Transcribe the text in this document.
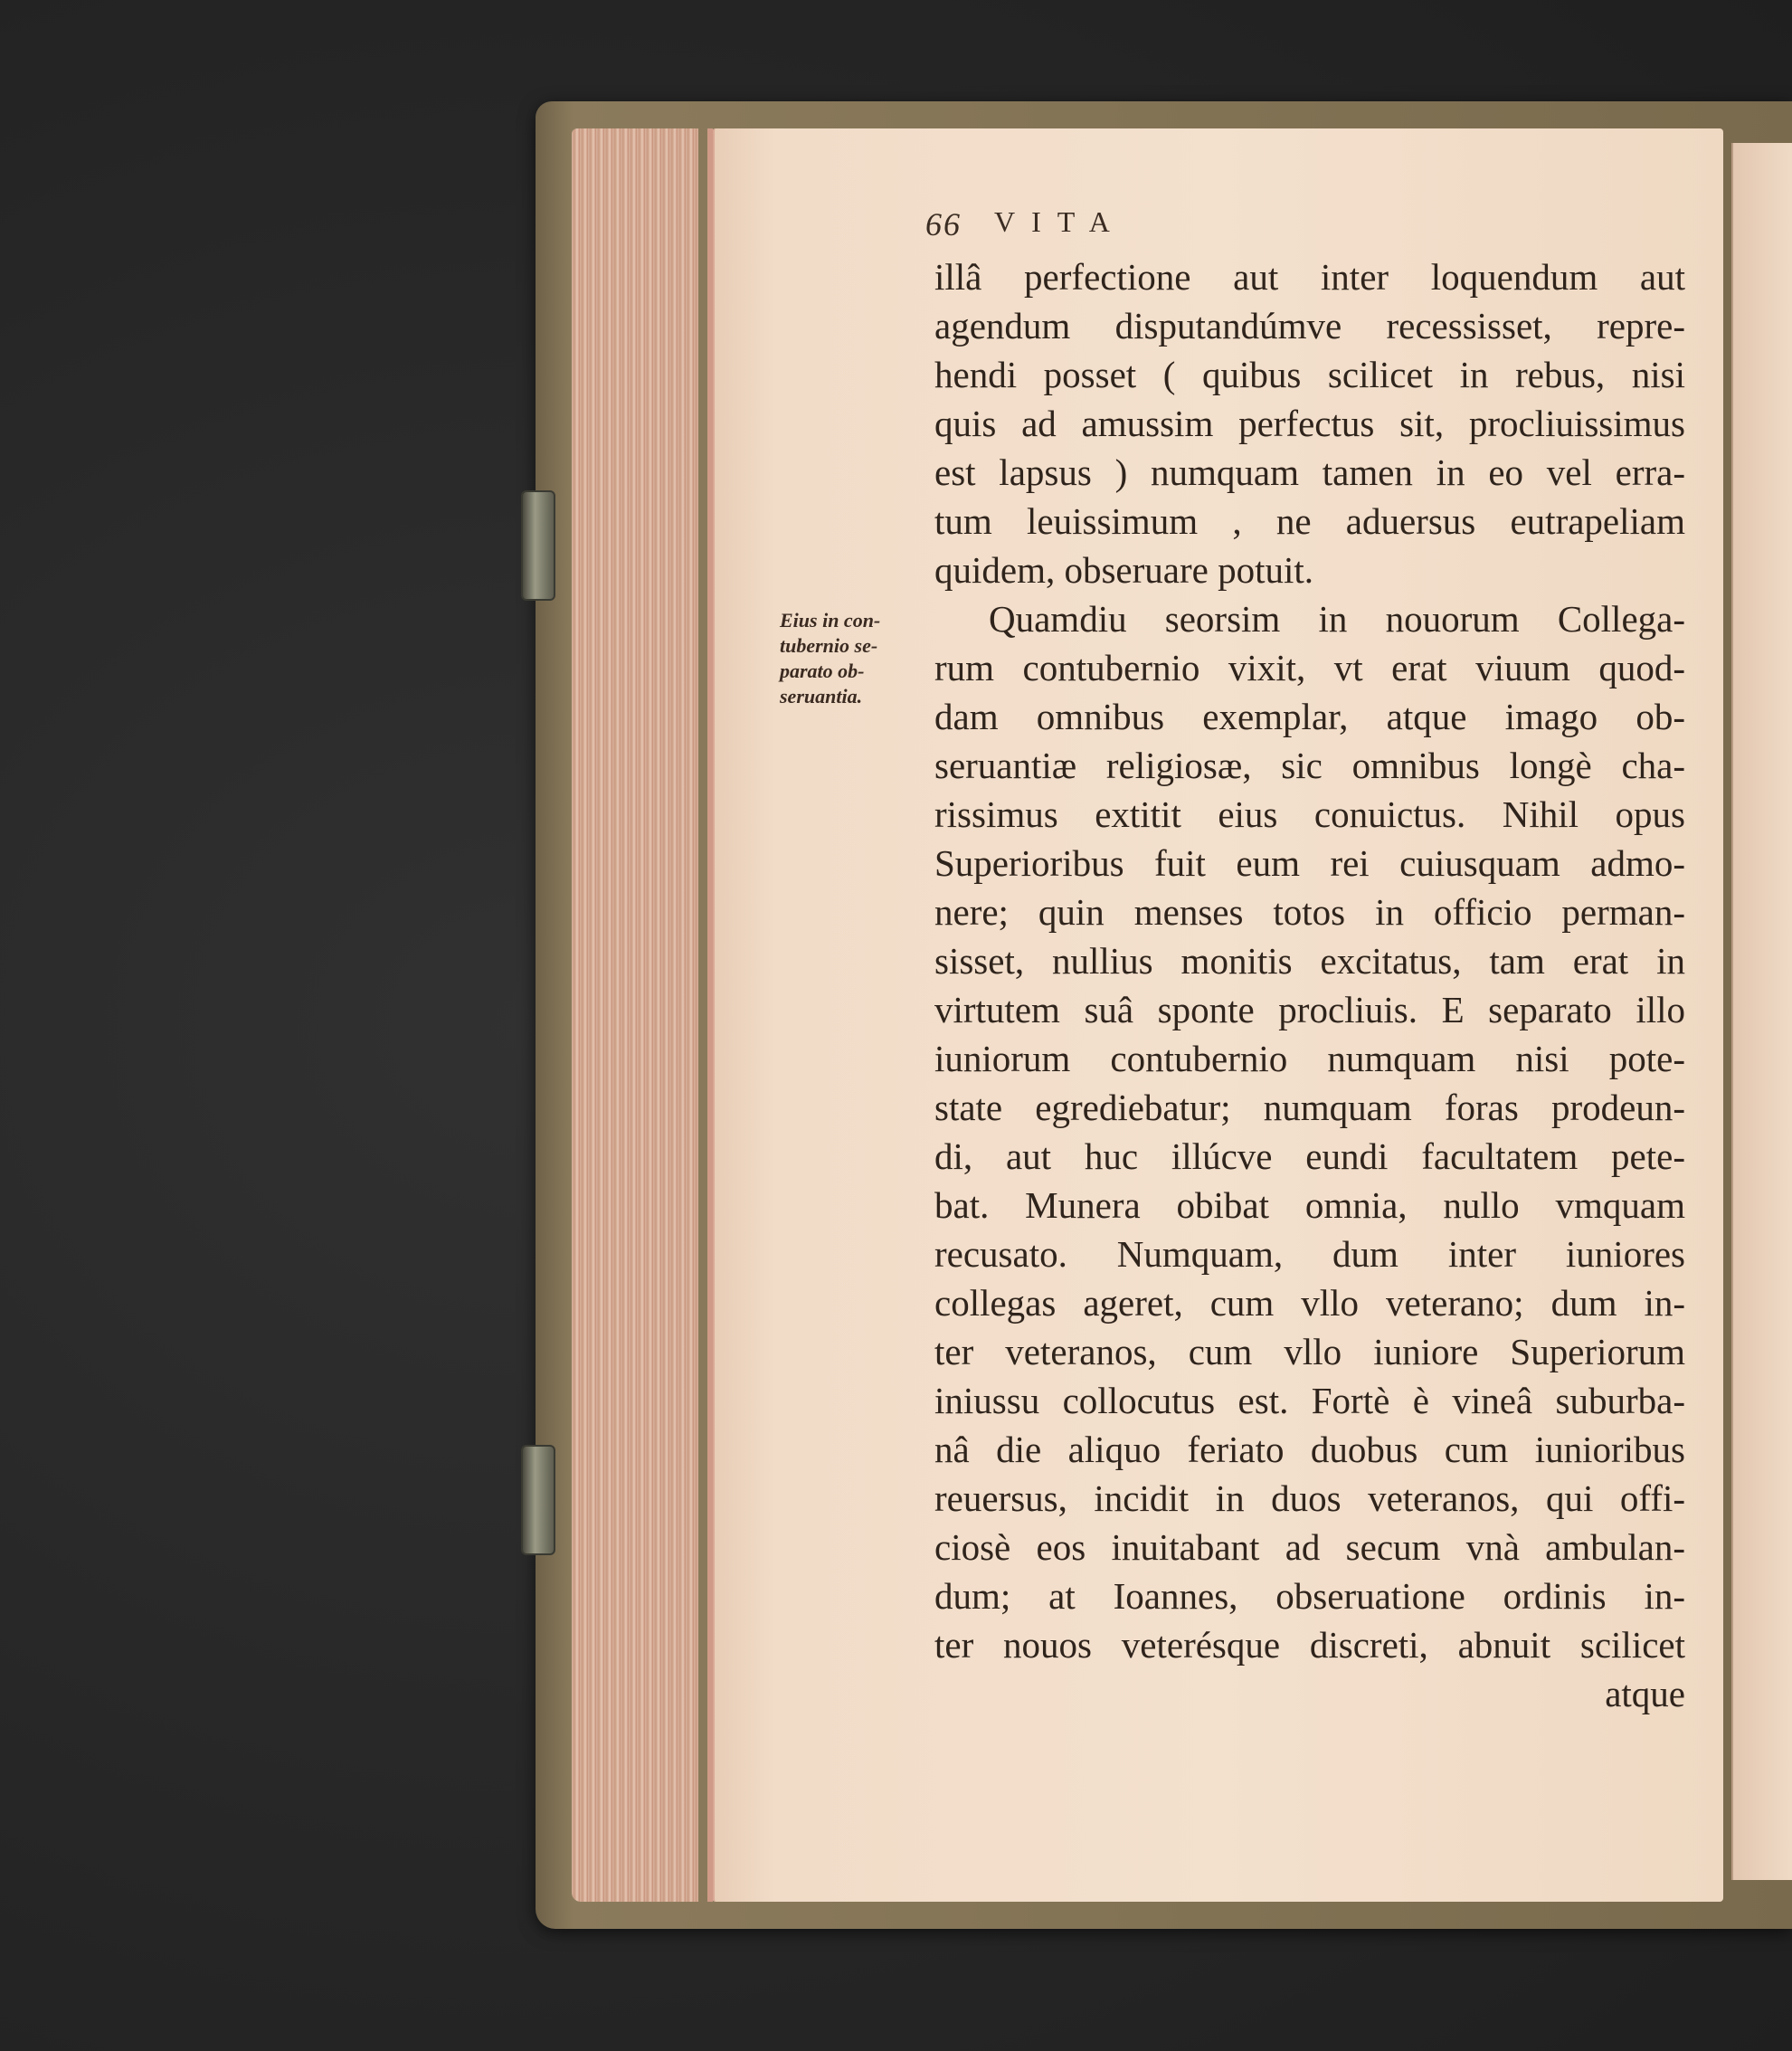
66 VITA
Eius in con-
tubernio se-
parato ob-
seruantia.
illâ perfectione aut inter loquendum aut
agendum disputandúmve recessisset, repre-
hendi posset ( quibus scilicet in rebus, nisi
quis ad amussim perfectus sit, procliuissimus
est lapsus ) numquam tamen in eo vel erra-
tum leuissimum , ne aduersus eutrapeliam
quidem, obseruare potuit.
Quamdiu seorsim in nouorum Collega-
rum contubernio vixit, vt erat viuum quod-
dam omnibus exemplar, atque imago ob-
seruantiæ religiosæ, sic omnibus longè cha-
rissimus extitit eius conuictus. Nihil opus
Superioribus fuit eum rei cuiusquam admo-
nere; quin menses totos in officio perman-
sisset, nullius monitis excitatus, tam erat in
virtutem suâ sponte procliuis. E separato illo
iuniorum contubernio numquam nisi pote-
state egrediebatur; numquam foras prodeun-
di, aut huc illúcve eundi facultatem pete-
bat. Munera obibat omnia, nullo vmquam
recusato. Numquam, dum inter iuniores
collegas ageret, cum vllo veterano; dum in-
ter veteranos, cum vllo iuniore Superiorum
iniussu collocutus est. Fortè è vineâ suburba-
nâ die aliquo feriato duobus cum iunioribus
reuersus, incidit in duos veteranos, qui offi-
ciosè eos inuitabant ad secum vnà ambulan-
dum; at Ioannes, obseruatione ordinis in-
ter nouos veterésque discreti, abnuit scilicet
atque
